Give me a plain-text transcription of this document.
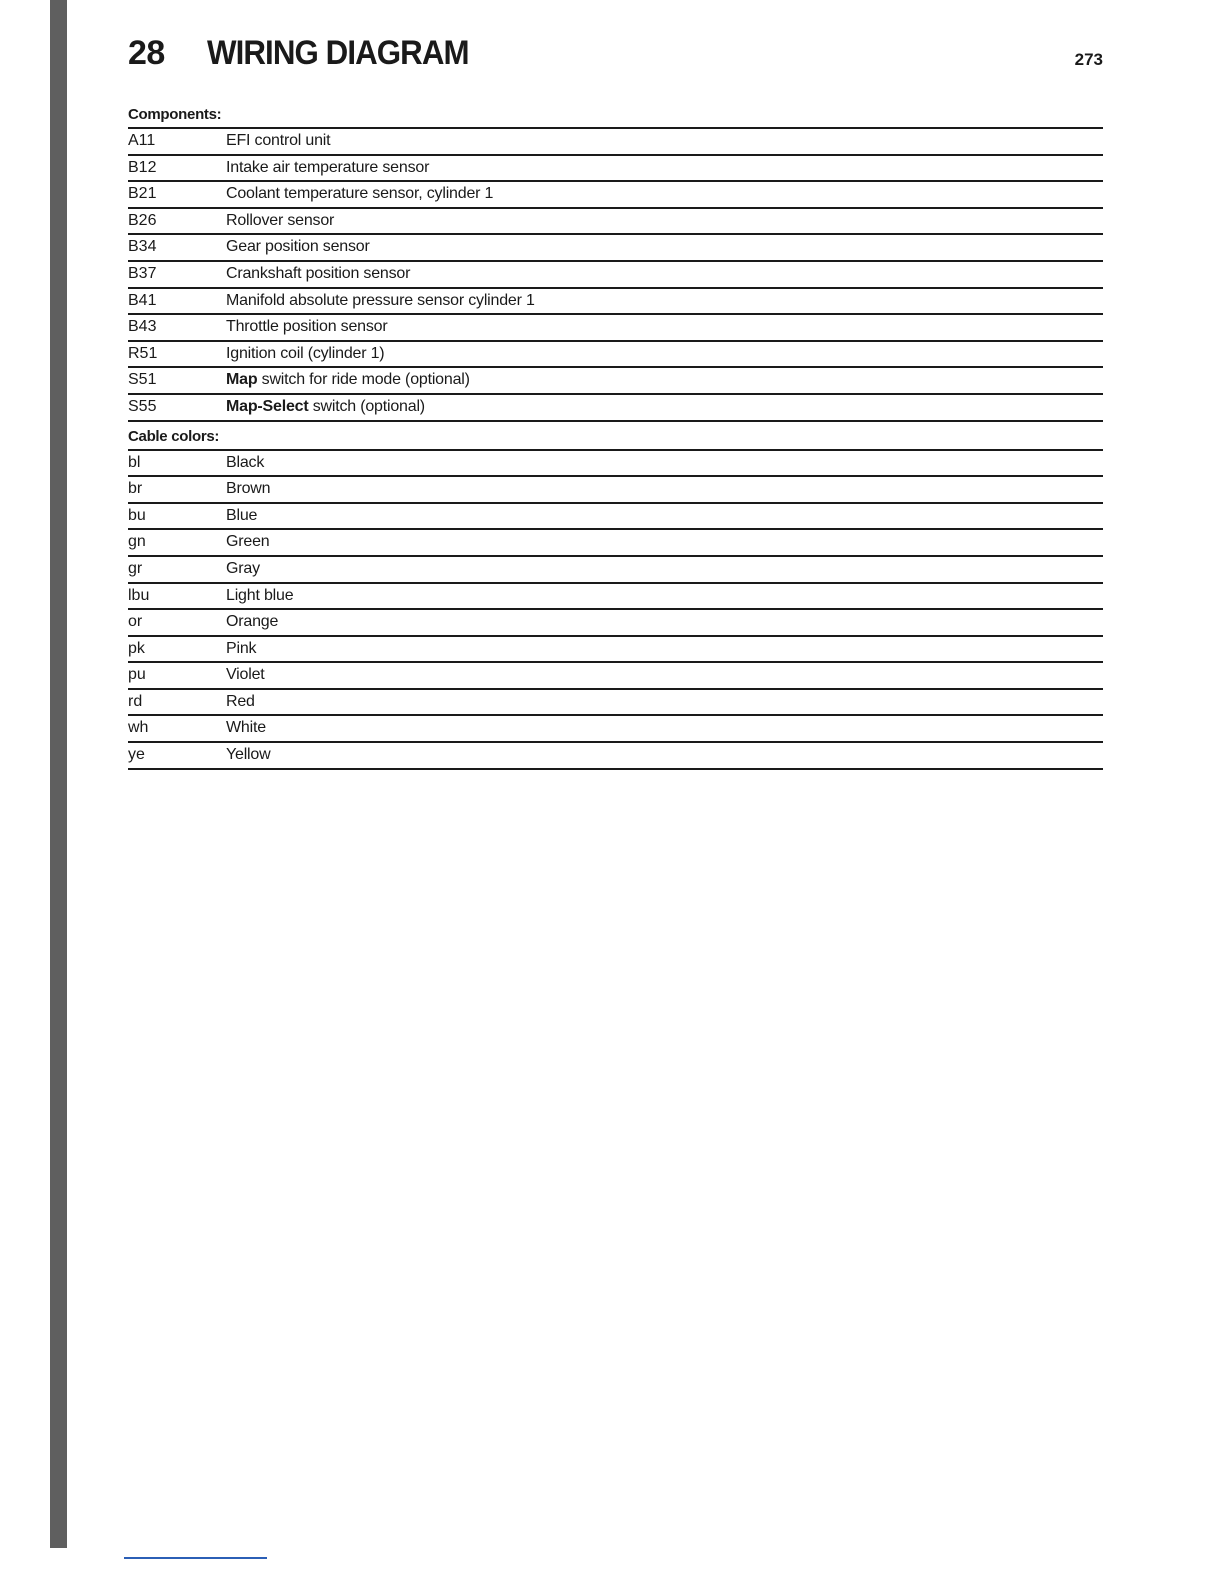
28 WIRING DIAGRAM	273
Components:
A11	EFI control unit
B12	Intake air temperature sensor
B21	Coolant temperature sensor, cylinder 1
B26	Rollover sensor
B34	Gear position sensor
B37	Crankshaft position sensor
B41	Manifold absolute pressure sensor cylinder 1
B43	Throttle position sensor
R51	Ignition coil (cylinder 1)
S51	Map switch for ride mode (optional)
S55	Map-Select switch (optional)
Cable colors:
bl	Black
br	Brown
bu	Blue
gn	Green
gr	Gray
lbu	Light blue
or	Orange
pk	Pink
pu	Violet
rd	Red
wh	White
ye	Yellow
